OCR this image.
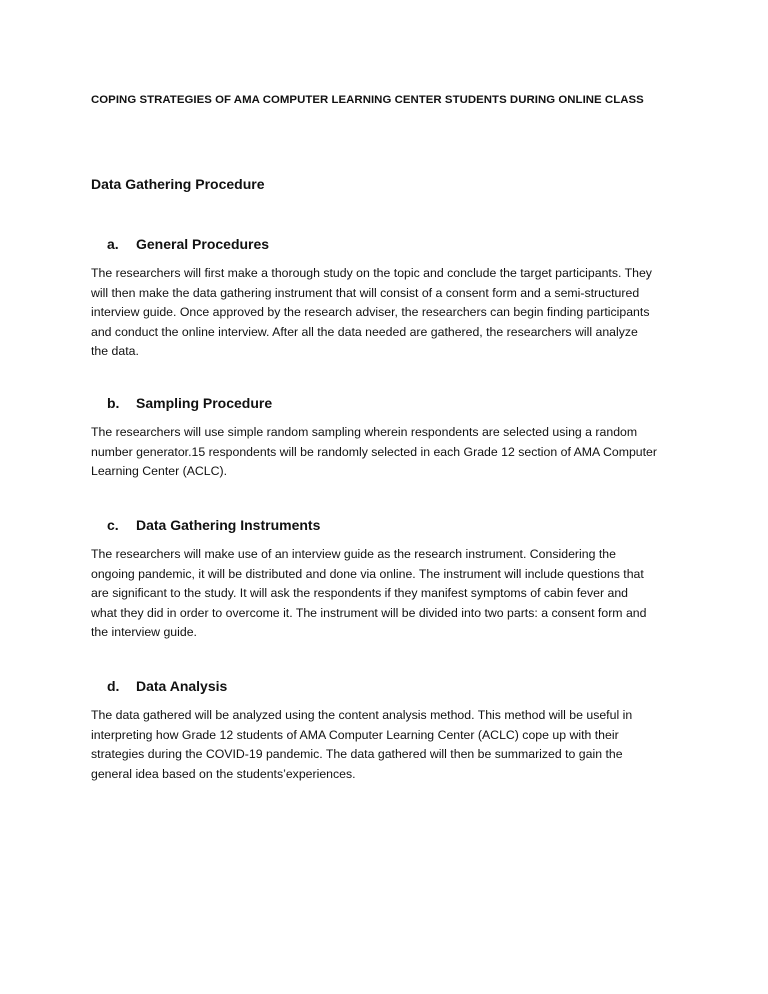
COPING STRATEGIES OF AMA COMPUTER LEARNING CENTER STUDENTS DURING ONLINE CLASS
Data Gathering Procedure
a. General Procedures
The researchers will first make a thorough study on the topic and conclude the target participants. They
will then make the data gathering instrument that will consist of a consent form and a semi-structured
interview guide. Once approved by the research adviser, the researchers can begin finding participants
and conduct the online interview. After all the data needed are gathered, the researchers will analyze
the data.
b. Sampling Procedure
The researchers will use simple random sampling wherein respondents are selected using a random
number generator.15 respondents will be randomly selected in each Grade 12 section of AMA Computer
Learning Center (ACLC).
c. Data Gathering Instruments
The researchers will make use of an interview guide as the research instrument. Considering the
ongoing pandemic, it will be distributed and done via online. The instrument will include questions that
are significant to the study. It will ask the respondents if they manifest symptoms of cabin fever and
what they did in order to overcome it. The instrument will be divided into two parts: a consent form and
the interview guide.
d. Data Analysis
The data gathered will be analyzed using the content analysis method. This method will be useful in
interpreting how Grade 12 students of AMA Computer Learning Center (ACLC) cope up with their
strategies during the COVID-19 pandemic. The data gathered will then be summarized to gain the
general idea based on the students’experiences.
